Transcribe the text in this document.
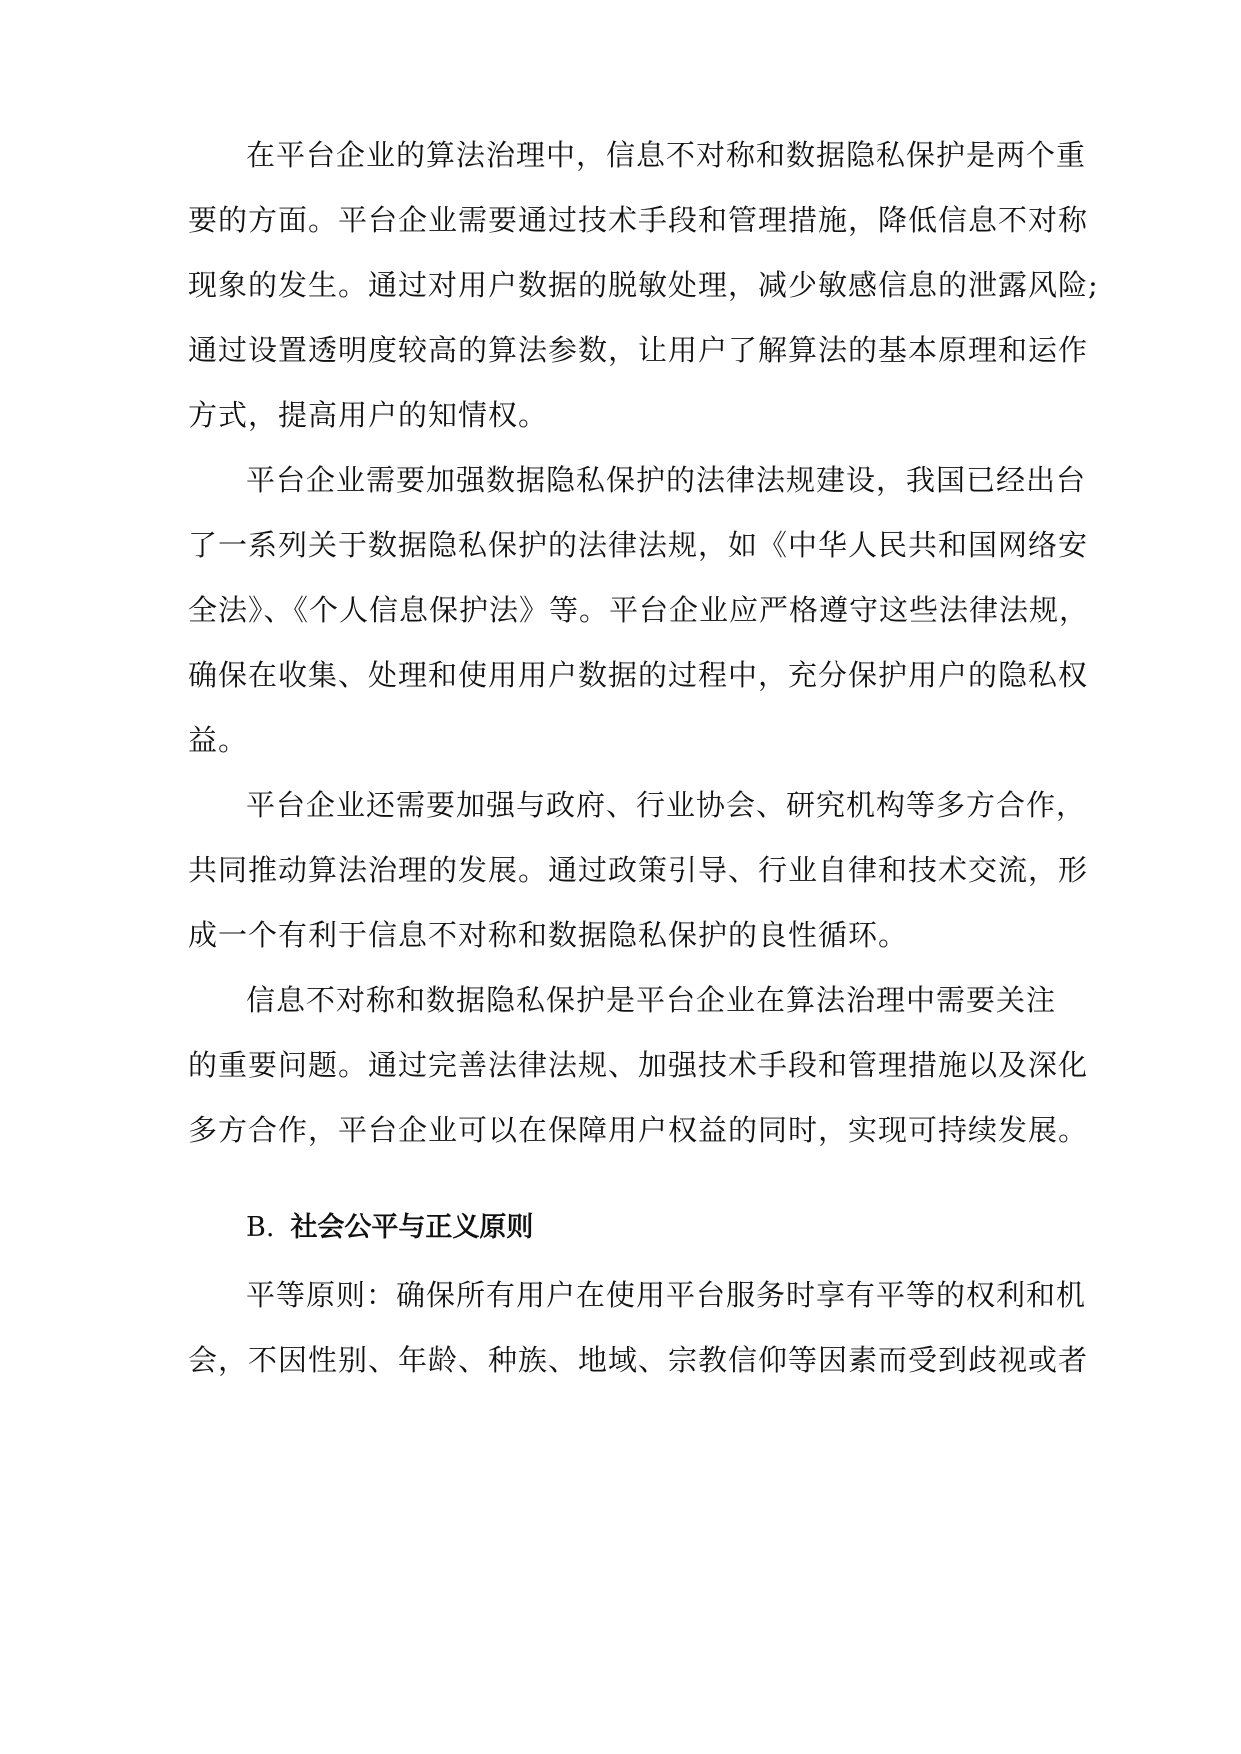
在平台企业的算法治理中，信息不对称和数据隐私保护是两个重

要的方面。平台企业需要通过技术手段和管理措施，降低信息不对称

现象的发生。通过对用户数据的脱敏处理，减少敏感信息的泄露风险;

通过设置透明度较高的算法参数，让用户了解算法的基本原理和运作

方式，提高用户的知情权。

平台企业需要加强数据隐私保护的法律法规建设，我国已经出台

了一系列关于数据隐私保护的法律法规，如《中华人民共和国网络安

全法》、《个人信息保护法》等。平台企业应严格遵守这些法律法规，

确保在收集、处理和使用用户数据的过程中，充分保护用户的隐私权

益。

平台企业还需要加强与政府、行业协会、研究机构等多方合作，

共同推动算法治理的发展。通过政策引导、行业自律和技术交流，形

成一个有利于信息不对称和数据隐私保护的良性循环。

信息不对称和数据隐私保护是平台企业在算法治理中需要关注

的重要问题。通过完善法律法规、加强技术手段和管理措施以及深化

多方合作，平台企业可以在保障用户权益的同时，实现可持续发展。

B. 社会公平与正义原则

平等原则：确保所有用户在使用平台服务时享有平等的权利和机

会，不因性别、年龄、种族、地域、宗教信仰等因素而受到歧视或者
